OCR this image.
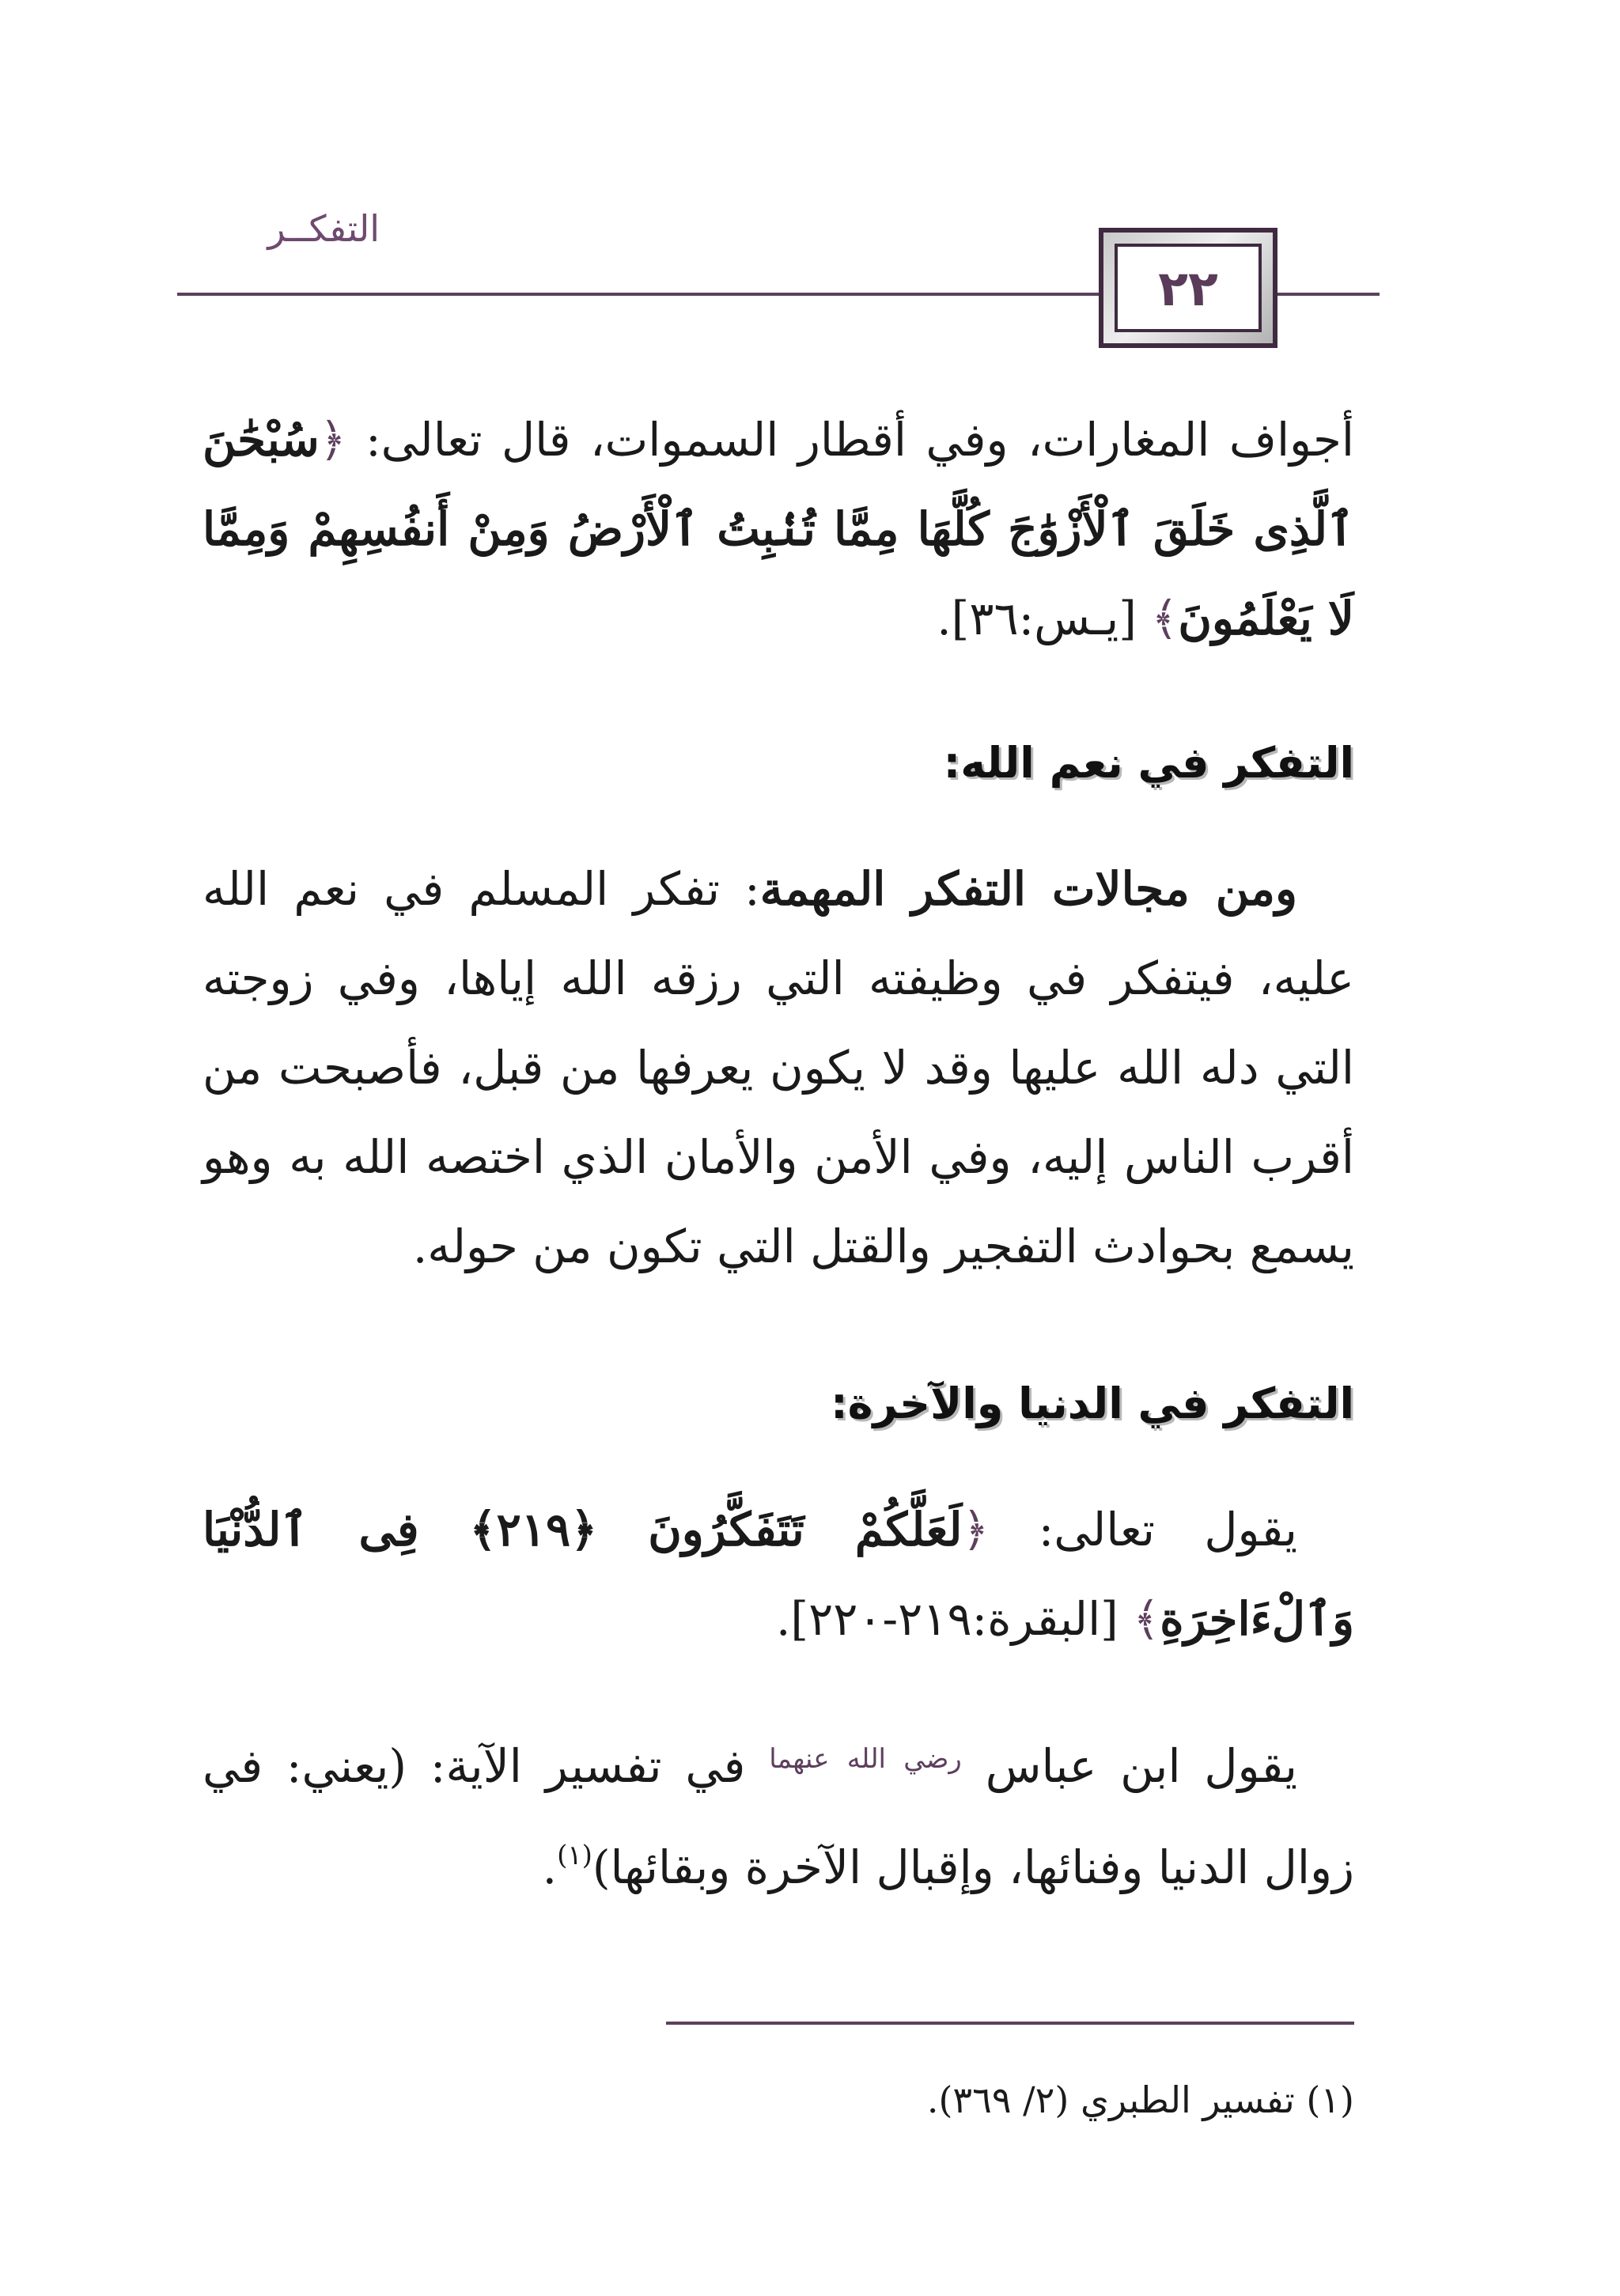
التفكــر
٢٢
أجواف المغارات، وفي أقطار السموات، قال تعالى: ﴿سُبْحَٰنَ ٱلَّذِى خَلَقَ ٱلْأَزْوَٰجَ كُلَّهَا مِمَّا تُنۢبِتُ ٱلْأَرْضُ وَمِنْ أَنفُسِهِمْ وَمِمَّا لَا يَعْلَمُونَ﴾ [يـس:٣٦].
التفكر في نعم الله:
ومن مجالات التفكر المهمة: تفكر المسلم في نعم الله عليه، فيتفكر في وظيفته التي رزقه الله إياها، وفي زوجته التي دله الله عليها وقد لا يكون يعرفها من قبل، فأصبحت من أقرب الناس إليه، وفي الأمن والأمان الذي اختصه الله به وهو يسمع بحوادث التفجير والقتل التي تكون من حوله.
التفكر في الدنيا والآخرة:
يقول تعالى: ﴿لَعَلَّكُمْ تَتَفَكَّرُونَ ﴿٢١٩﴾ فِى ٱلدُّنْيَا وَٱلْءَاخِرَةِ﴾ [البقرة:٢١٩-٢٢٠].
يقول ابن عباس $^{رضي الله عنهما}$ في تفسير الآية: (يعني: في زوال الدنيا وفنائها، وإقبال الآخرة وبقائها)$^{(١)}$.
(١) تفسير الطبري (٢/ ٣٦٩).
